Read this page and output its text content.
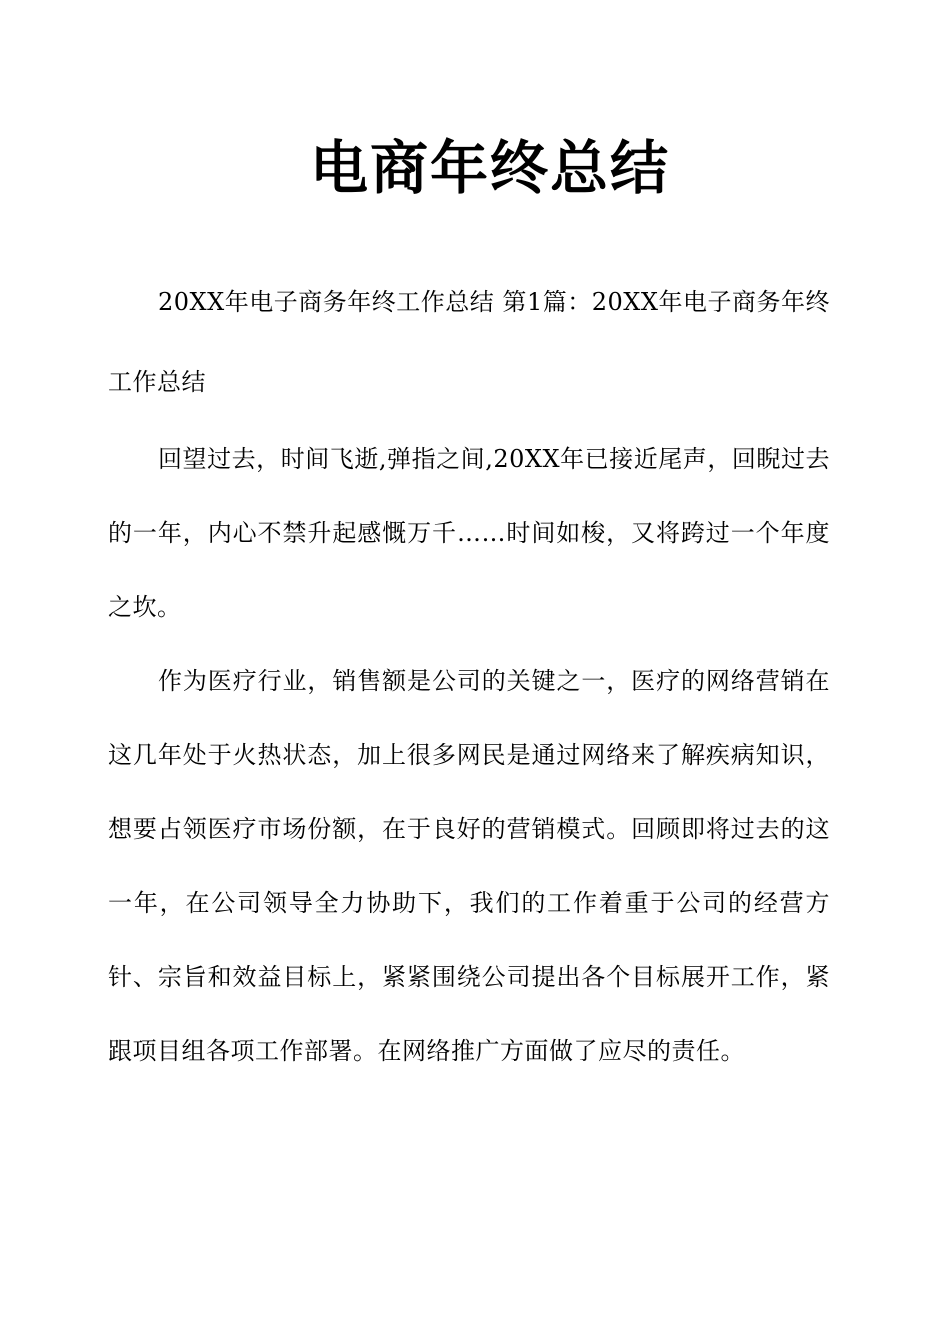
电商年终总结

20XX年电子商务年终工作总结 第1篇：20XX年电子商务年终工作总结

回望过去，时间飞逝,弹指之间,20XX年已接近尾声，回睨过去的一年，内心不禁升起感慨万千……时间如梭，又将跨过一个年度之坎。

作为医疗行业，销售额是公司的关键之一，医疗的网络营销在这几年处于火热状态，加上很多网民是通过网络来了解疾病知识，想要占领医疗市场份额，在于良好的营销模式。回顾即将过去的这一年，在公司领导全力协助下，我们的工作着重于公司的经营方针、宗旨和效益目标上，紧紧围绕公司提出各个目标展开工作，紧跟项目组各项工作部署。在网络推广方面做了应尽的责任。
